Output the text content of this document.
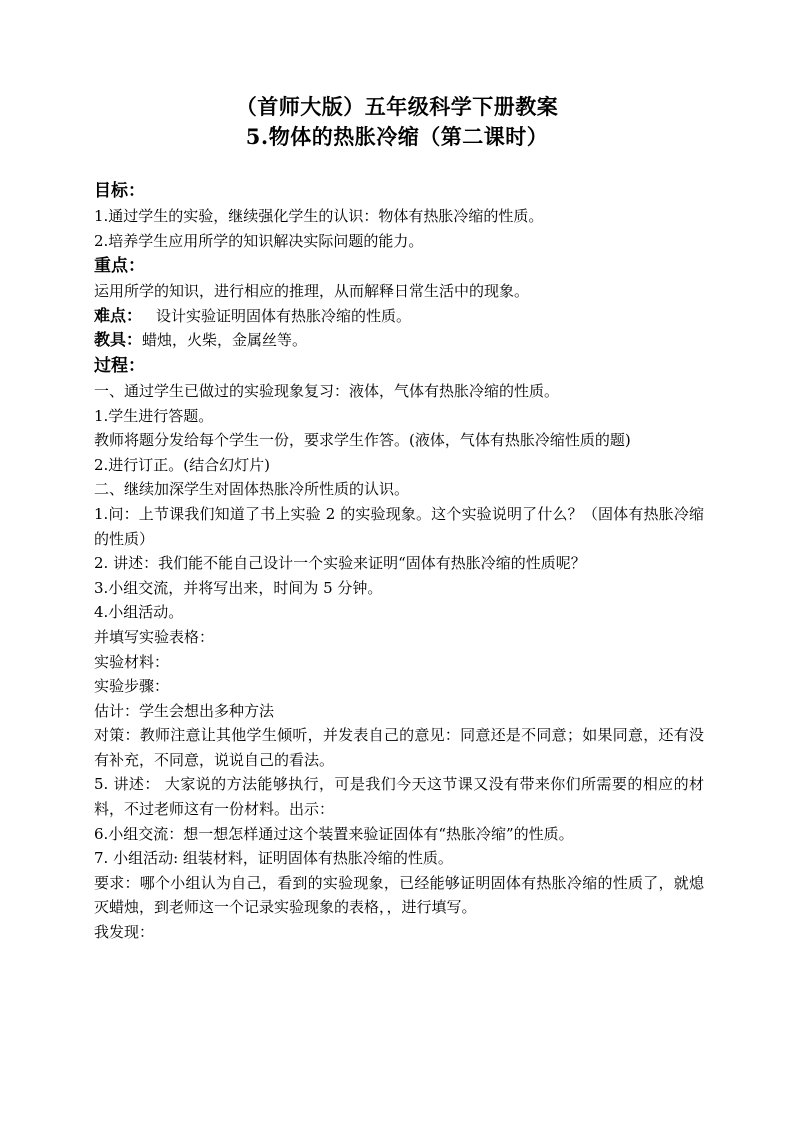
（首师大版）五年级科学下册教案
5.物体的热胀冷缩（第二课时）
目标：
1.通过学生的实验，继续强化学生的认识：物体有热胀冷缩的性质。
2.培养学生应用所学的知识解决实际问题的能力。
重点：
运用所学的知识，进行相应的推理，从而解释日常生活中的现象。
难点： 设计实验证明固体有热胀冷缩的性质。
教具：蜡烛，火柴，金属丝等。
过程：
一、通过学生已做过的实验现象复习：液体，气体有热胀冷缩的性质。
1.学生进行答题。
教师将题分发给每个学生一份，要求学生作答。(液体，气体有热胀冷缩性质的题)
2.进行订正。(结合幻灯片)
二、继续加深学生对固体热胀冷所性质的认识。
1.问：上节课我们知道了书上实验 2 的实验现象。这个实验说明了什么？（固体有热胀冷缩的性质）
2. 讲述：我们能不能自己设计一个实验来证明“固体有热胀冷缩的性质呢？
3.小组交流，并将写出来，时间为 5 分钟。
4.小组活动。
并填写实验表格：
实验材料：
实验步骤：
估计：学生会想出多种方法
对策：教师注意让其他学生倾听，并发表自己的意见：同意还是不同意；如果同意，还有没有补充，不同意，说说自己的看法。
5. 讲述： 大家说的方法能够执行，可是我们今天这节课又没有带来你们所需要的相应的材料，不过老师这有一份材料。出示：
6.小组交流：想一想怎样通过这个装置来验证固体有“热胀冷缩”的性质。
7. 小组活动: 组装材料，证明固体有热胀冷缩的性质。
要求：哪个小组认为自己，看到的实验现象，已经能够证明固体有热胀冷缩的性质了，就熄灭蜡烛，到老师这一个记录实验现象的表格，，进行填写。
我发现：
